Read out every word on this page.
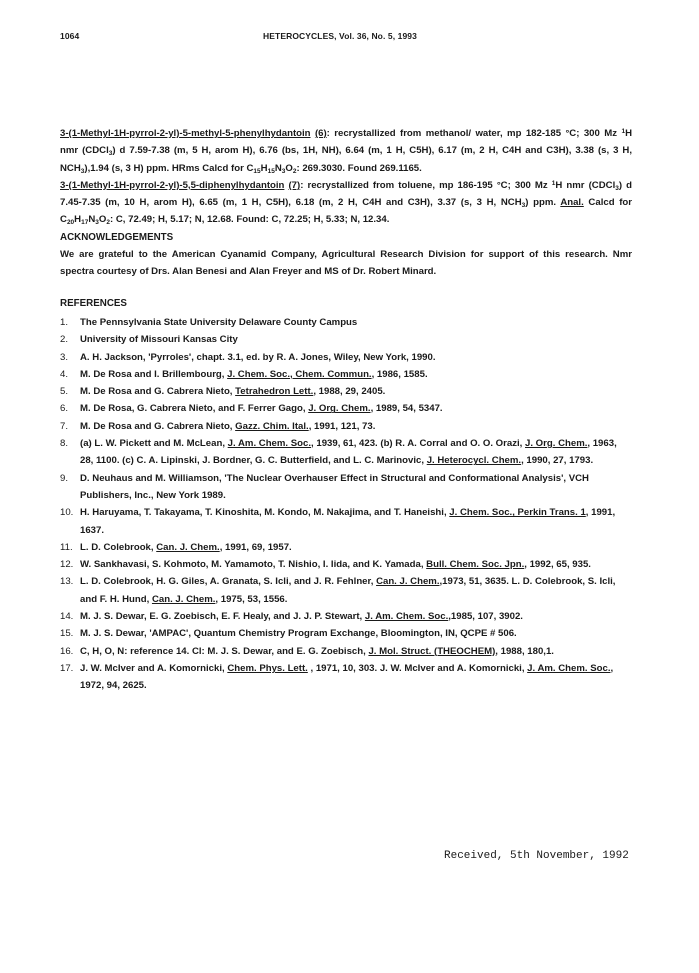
1064	HETEROCYCLES, Vol. 36, No. 5, 1993

3-(1-Methyl-1H-pyrrol-2-yl)-5-methyl-5-phenylhydantoin (6): recrystallized from methanol/ water, mp 182-185 °C; 300 Mz $^1$H nmr (CDCl$_3$) d 7.59-7.38 (m, 5 H, arom H), 6.76 (bs, 1H, NH), 6.64 (m, 1 H, C5H), 6.17 (m, 2 H, C4H and C3H), 3.38 (s, 3 H, $NCH_3),1.94$ (s, 3 H) ppm. HRms Calcd for $C_{15}H_{15}N_3O_2$: 269.3030. Found 269.1165.

3-(1-Methyl-1H-pyrrol-2-yl)-5,5-diphenylhydantoin (7): recrystallized from toluene, mp 186-195 °C; 300 Mz $^1$H nmr (CDCl$_3$) d 7.45-7.35 (m, 10 H, arom H), 6.65 (m, 1 H, C5H), 6.18 (m, 2 H, C4H and C3H), 3.37 (s, 3 H, $NCH_3$) ppm. Anal. Calcd for $C_{20}H_{17}N_3O_2$: C, 72.49; H, 5.17; N, 12.68. Found: C, 72.25; H, 5.33; N, 12.34.

ACKNOWLEDGEMENTS

We are grateful to the American Cyanamid Company, Agricultural Research Division for support of this research. Nmr spectra courtesy of Drs. Alan Benesi and Alan Freyer and MS of Dr. Robert Minard.

REFERENCES

1. The Pennsylvania State University Delaware County Campus
2. University of Missouri Kansas City
3. A. H. Jackson, 'Pyrroles', chapt. 3.1, ed. by R. A. Jones, Wiley, New York, 1990.
4. M. De Rosa and I. Brillembourg, J. Chem. Soc., Chem. Commun., 1986, 1585.
5. M. De Rosa and G. Cabrera Nieto, Tetrahedron Lett., 1988, 29, 2405.
6. M. De Rosa, G. Cabrera Nieto, and F. Ferrer Gago, J. Org. Chem., 1989, 54, 5347.
7. M. De Rosa and G. Cabrera Nieto, Gazz. Chim. Ital., 1991, 121, 73.
8. (a) L. W. Pickett and M. McLean, J. Am. Chem. Soc., 1939, 61, 423. (b) R. A. Corral and O. O. Orazi, J. Org. Chem., 1963, 28, 1100. (c) C. A. Lipinski, J. Bordner, G. C. Butterfield, and L. C. Marinovic, J. Heterocycl. Chem., 1990, 27, 1793.
9. D. Neuhaus and M. Williamson, 'The Nuclear Overhauser Effect in Structural and Conformational Analysis', VCH Publishers, Inc., New York 1989.
10. H. Haruyama, T. Takayama, T. Kinoshita, M. Kondo, M. Nakajima, and T. Haneishi, J. Chem. Soc., Perkin Trans. 1, 1991, 1637.
11. L. D. Colebrook, Can. J. Chem., 1991, 69, 1957.
12. W. Sankhavasi, S. Kohmoto, M. Yamamoto, T. Nishio, I. Iida, and K. Yamada, Bull. Chem. Soc. Jpn., 1992, 65, 935.
13. L. D. Colebrook, H. G. Giles, A. Granata, S. Icli, and J. R. Fehlner, Can. J. Chem.,1973, 51, 3635. L. D. Colebrook, S. Icli, and F. H. Hund, Can. J. Chem., 1975, 53, 1556.
14. M. J. S. Dewar, E. G. Zoebisch, E. F. Healy, and J. J. P. Stewart, J. Am. Chem. Soc.,1985, 107, 3902.
15. M. J. S. Dewar, 'AMPAC', Quantum Chemistry Program Exchange, Bloomington, IN, QCPE # 506.
16. C, H, O, N: reference 14. Cl: M. J. S. Dewar, and E. G. Zoebisch, J. Mol. Struct. (THEOCHEM), 1988, 180,1.
17. J. W. McIver and A. Komornicki, Chem. Phys. Lett. , 1971, 10, 303. J. W. McIver and A. Komornicki, J. Am. Chem. Soc., 1972, 94, 2625.
Received, 5th November, 1992
